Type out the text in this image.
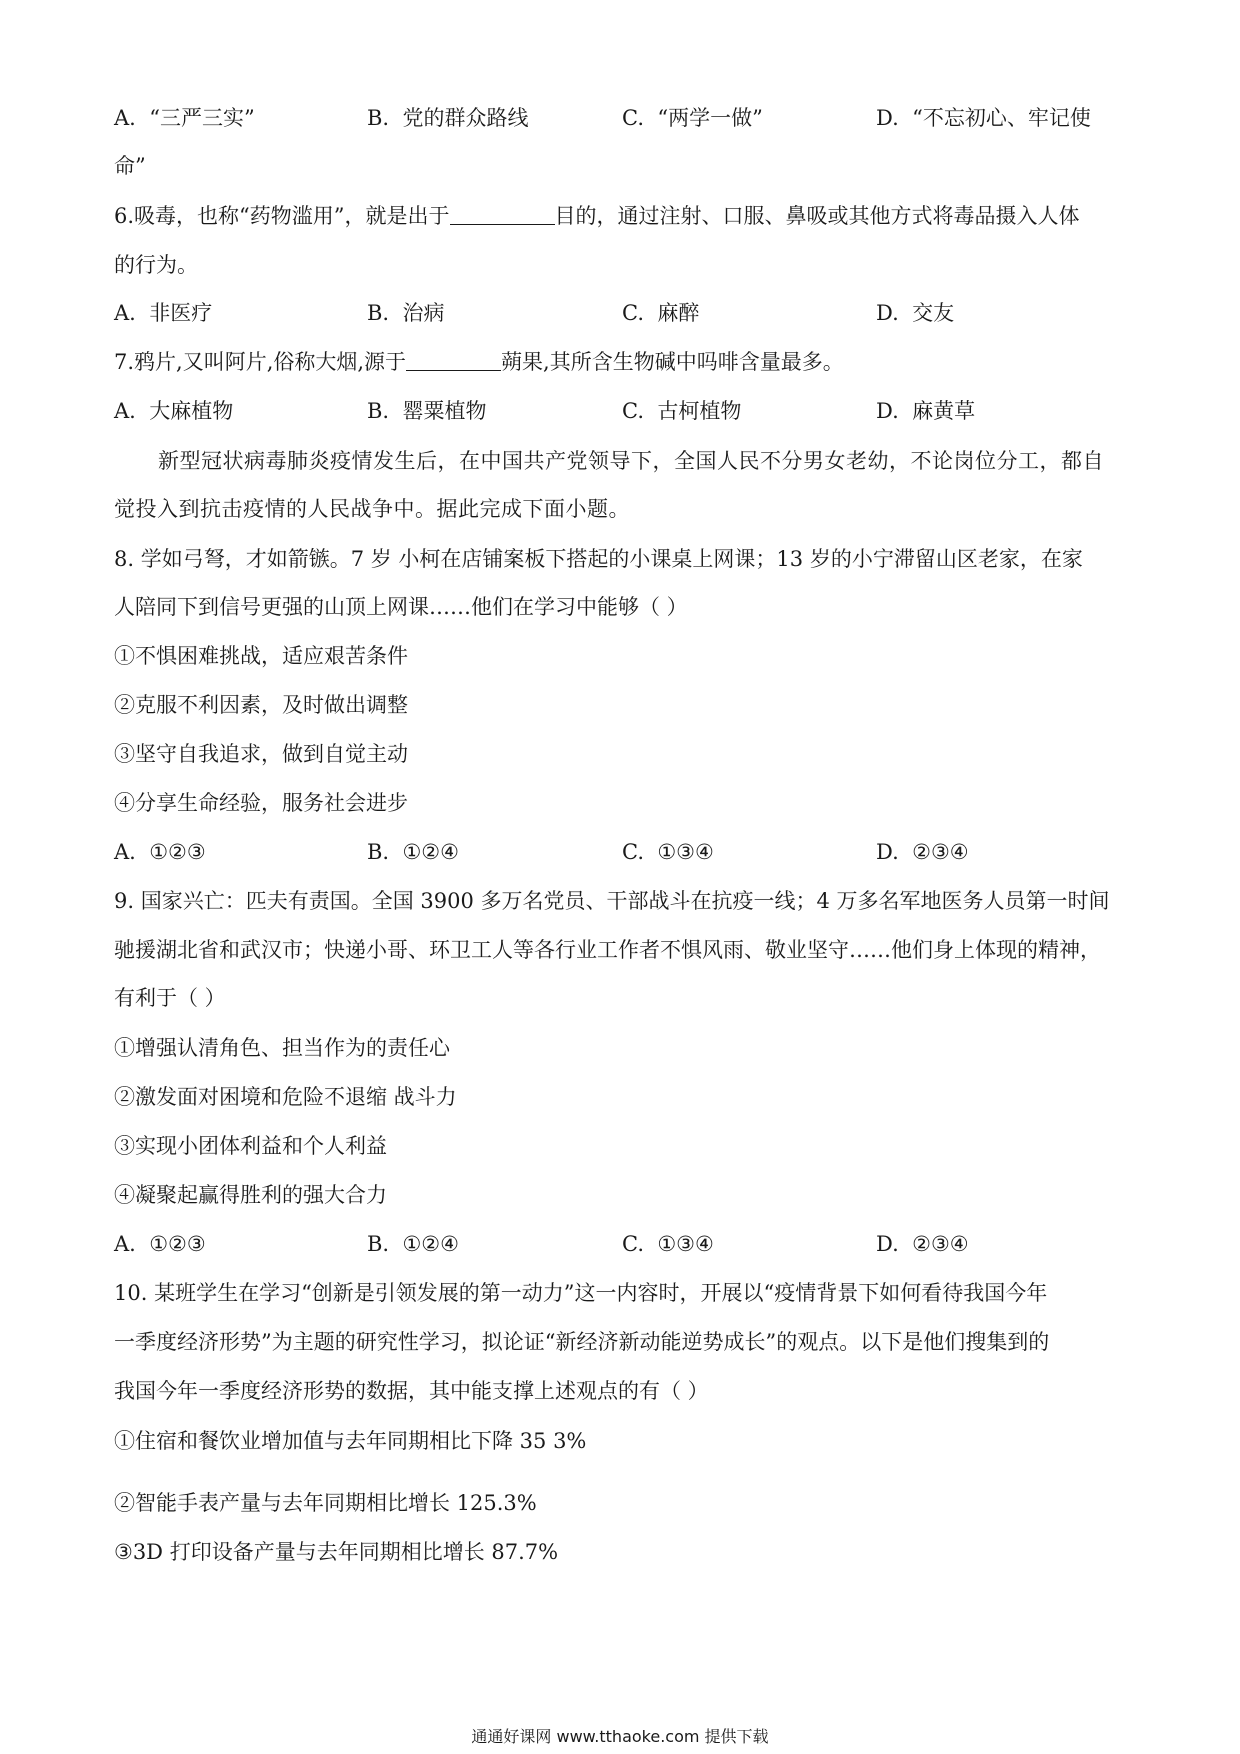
A. “三严三实”	B. 党的群众路线	C. “两学一做”	D. “不忘初心、牢记使
命”
6.吸毒，也称“药物滥用”，就是出于	目的，通过注射、口服、鼻吸或其他方式将毒品摄入人体
的行为。
A. 非医疗	B. 治病	C. 麻醉	D. 交友
7.鸦片,又叫阿片,俗称大烟,源于	蒴果,其所含生物碱中吗啡含量最多。
A. 大麻植物	B. 罂粟植物	C. 古柯植物	D. 麻黄草
新型冠状病毒肺炎疫情发生后，在中国共产党领导下，全国人民不分男女老幼，不论岗位分工，都自
觉投入到抗击疫情的人民战争中。据此完成下面小题。
8. 学如弓弩，才如箭镞。7 岁 小柯在店铺案板下搭起的小课桌上网课；13 岁的小宁滞留山区老家，在家
人陪同下到信号更强的山顶上网课……他们在学习中能够（ ）
①不惧困难挑战，适应艰苦条件
②克服不利因素，及时做出调整
③坚守自我追求，做到自觉主动
④分享生命经验，服务社会进步
A. ①②③	B. ①②④	C. ①③④	D. ②③④
9. 国家兴亡：匹夫有责国。全国 3900 多万名党员、干部战斗在抗疫一线；4 万多名军地医务人员第一时间
驰援湖北省和武汉市；快递小哥、环卫工人等各行业工作者不惧风雨、敬业坚守……他们身上体现的精神，
有利于（ ）
①增强认清角色、担当作为的责任心
②激发面对困境和危险不退缩 战斗力
③实现小团体利益和个人利益
④凝聚起赢得胜利的强大合力
A. ①②③	B. ①②④	C. ①③④	D. ②③④
10. 某班学生在学习“创新是引领发展的第一动力”这一内容时，开展以“疫情背景下如何看待我国今年
一季度经济形势”为主题的研究性学习，拟论证“新经济新动能逆势成长”的观点。以下是他们搜集到的
我国今年一季度经济形势的数据，其中能支撑上述观点的有（ ）
①住宿和餐饮业增加值与去年同期相比下降 35 3%
②智能手表产量与去年同期相比增长 125.3%
③3D 打印设备产量与去年同期相比增长 87.7%
通通好课网 www.tthaoke.com 提供下载
